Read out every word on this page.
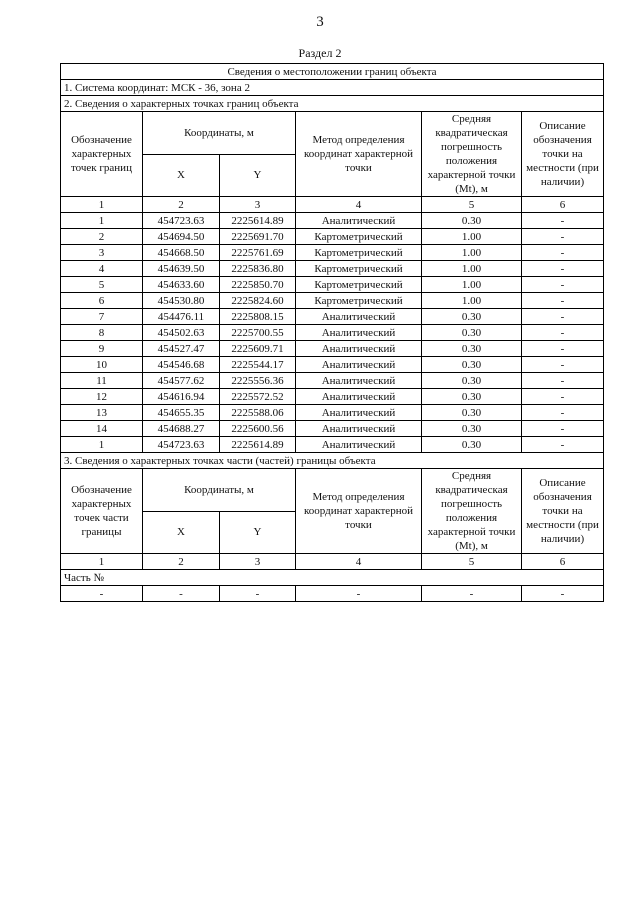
3
Раздел 2
Сведения о местоположении границ объекта					
1. Система координат: МСК - 36, зона 2					
2. Сведения о характерных точках границ объекта					
Обозначение характерных точек границ	Координаты, м		Метод определения координат характерной точки	Средняя квадратическая погрешность положения характерной точки (Mt), м	Описание обозначения точки на местности (при наличии)
	X	Y			
1	2	3	4	5	6
1	454723.63	2225614.89	Аналитический	0.30	-
2	454694.50	2225691.70	Картометрический	1.00	-
3	454668.50	2225761.69	Картометрический	1.00	-
4	454639.50	2225836.80	Картометрический	1.00	-
5	454633.60	2225850.70	Картометрический	1.00	-
6	454530.80	2225824.60	Картометрический	1.00	-
7	454476.11	2225808.15	Аналитический	0.30	-
8	454502.63	2225700.55	Аналитический	0.30	-
9	454527.47	2225609.71	Аналитический	0.30	-
10	454546.68	2225544.17	Аналитический	0.30	-
11	454577.62	2225556.36	Аналитический	0.30	-
12	454616.94	2225572.52	Аналитический	0.30	-
13	454655.35	2225588.06	Аналитический	0.30	-
14	454688.27	2225600.56	Аналитический	0.30	-
1	454723.63	2225614.89	Аналитический	0.30	-
3. Сведения о характерных точках части (частей) границы объекта					
Обозначение характерных точек части границы	Координаты, м		Метод определения координат характерной точки	Средняя квадратическая погрешность положения характерной точки (Mt), м	Описание обозначения точки на местности (при наличии)
	X	Y			
1	2	3	4	5	6
Часть №					
-	-	-	-	-	-
